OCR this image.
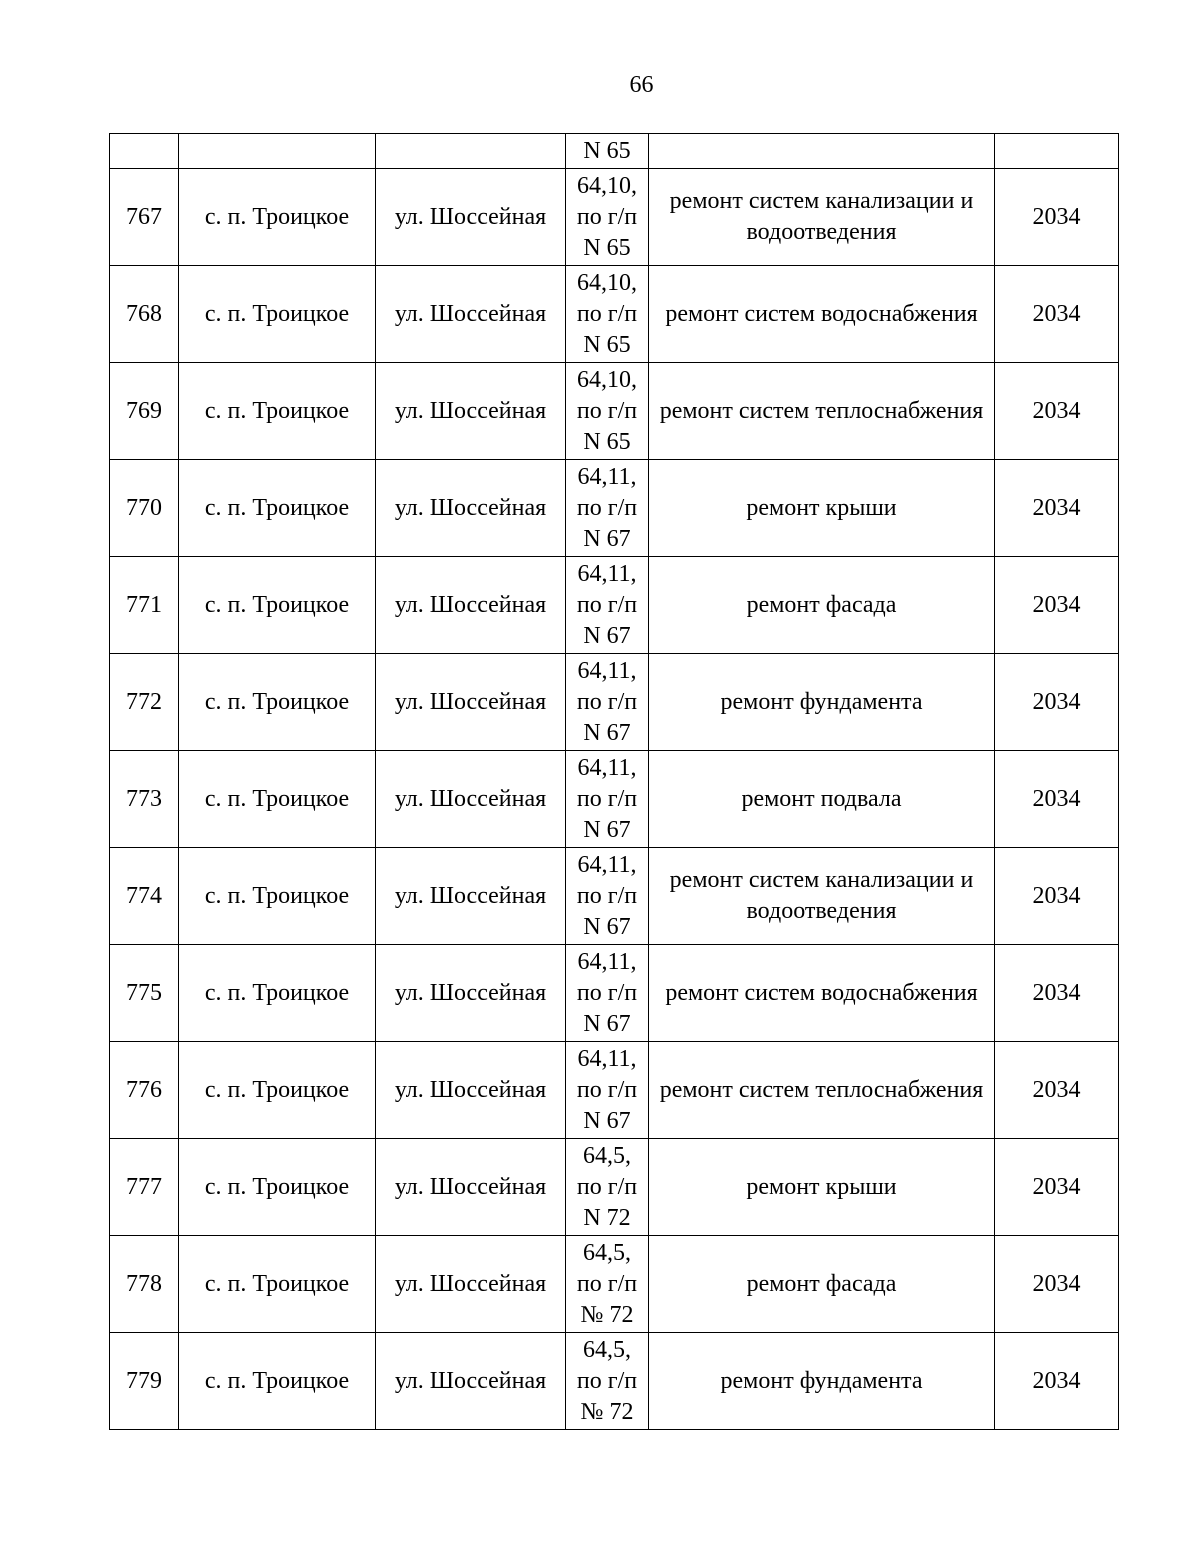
66

			N 65		

767	с. п. Троицкое	ул. Шоссейная	64,10,
по г/п
N 65	ремонт систем канализации и водоотведения	2034
768	с. п. Троицкое	ул. Шоссейная	64,10,
по г/п
N 65	ремонт систем водоснабжения	2034
769	с. п. Троицкое	ул. Шоссейная	64,10,
по г/п
N 65	ремонт систем теплоснабжения	2034
770	с. п. Троицкое	ул. Шоссейная	64,11,
по г/п
N 67	ремонт крыши	2034
771	с. п. Троицкое	ул. Шоссейная	64,11,
по г/п
N 67	ремонт фасада	2034
772	с. п. Троицкое	ул. Шоссейная	64,11,
по г/п
N 67	ремонт фундамента	2034
773	с. п. Троицкое	ул. Шоссейная	64,11,
по г/п
N 67	ремонт подвала	2034
774	с. п. Троицкое	ул. Шоссейная	64,11,
по г/п
N 67	ремонт систем канализации и водоотведения	2034
775	с. п. Троицкое	ул. Шоссейная	64,11,
по г/п
N 67	ремонт систем водоснабжения	2034
776	с. п. Троицкое	ул. Шоссейная	64,11,
по г/п
N 67	ремонт систем теплоснабжения	2034
777	с. п. Троицкое	ул. Шоссейная	64,5,
по г/п
N 72	ремонт крыши	2034
778	с. п. Троицкое	ул. Шоссейная	64,5,
по г/п
№ 72	ремонт фасада	2034
779	с. п. Троицкое	ул. Шоссейная	64,5,
по г/п
№ 72	ремонт фундамента	2034
